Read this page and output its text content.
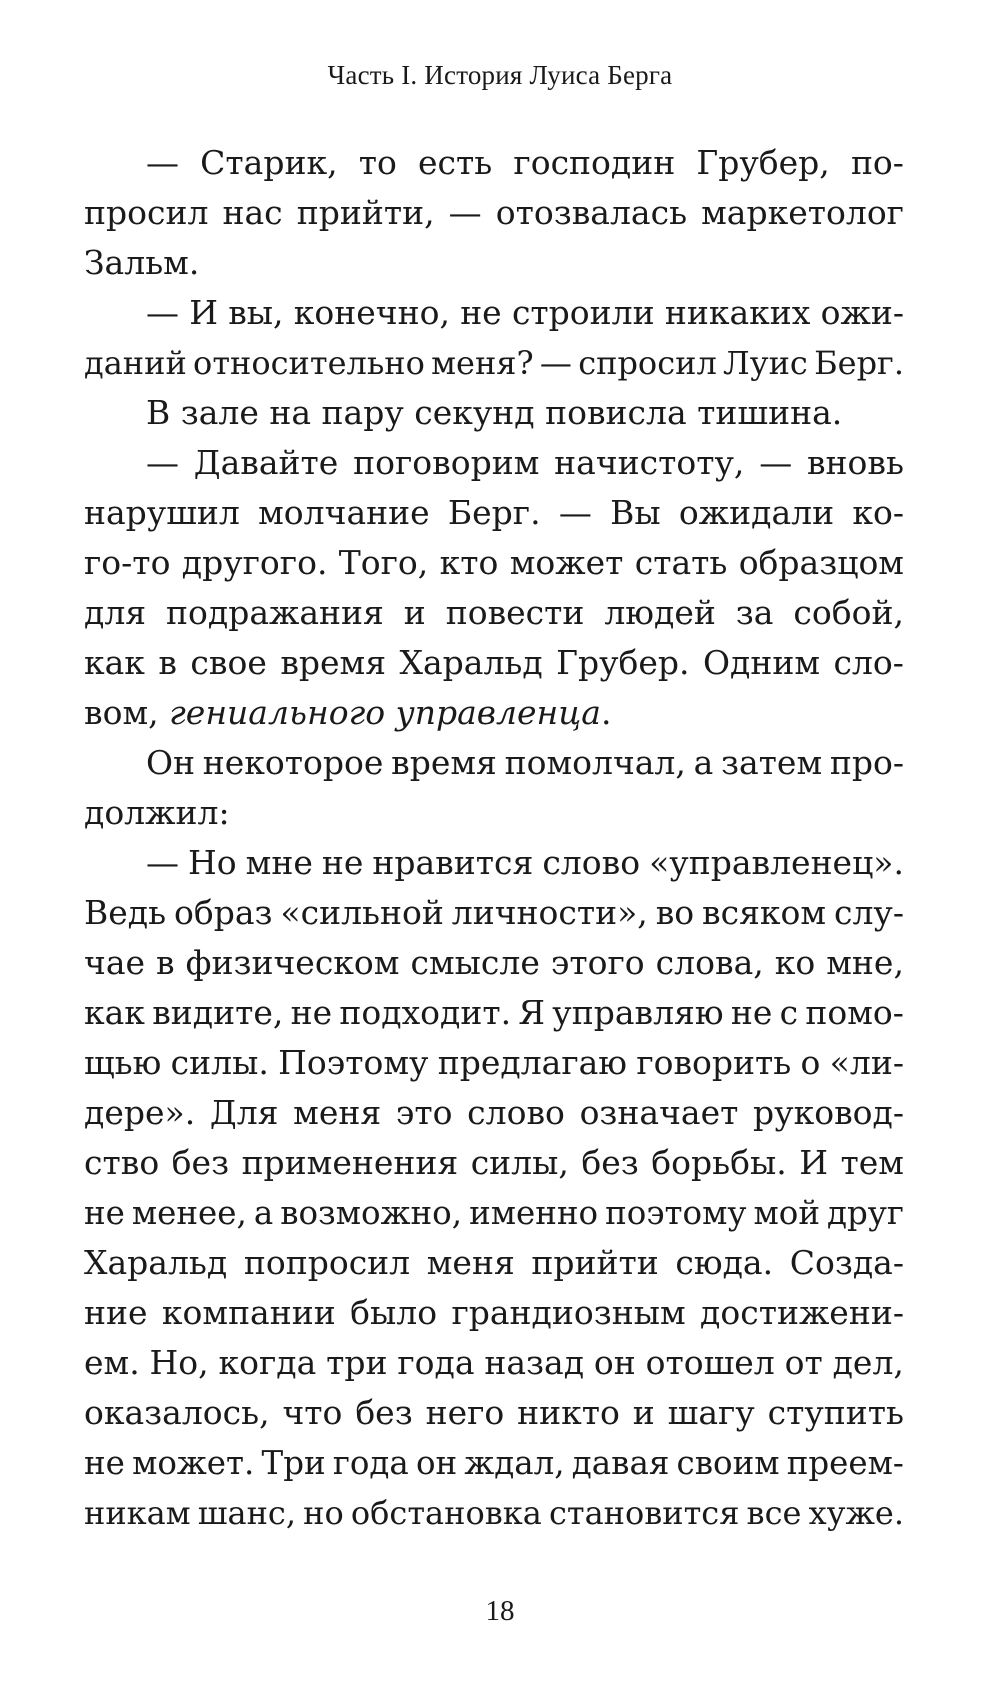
Часть I. История Луиса Берга
— Старик, то есть господин Грубер, по-
просил нас прийти, — отозвалась маркетолог
Зальм.
— И вы, конечно, не строили никаких ожи-
даний относительно меня? — спросил Луис Берг.
В зале на пару секунд повисла тишина.
— Давайте поговорим начистоту, — вновь
нарушил молчание Берг. — Вы ожидали ко-
го-то другого. Того, кто может стать образцом
для подражания и повести людей за собой,
как в свое время Харальд Грубер. Одним сло-
вом, гениального управленца .
Он некоторое время помолчал, а затем про-
должил:
— Но мне не нравится слово «управленец».
Ведь образ «сильной личности», во всяком слу-
чае в физическом смысле этого слова, ко мне,
как видите, не подходит. Я управляю не с помо-
щью силы. Поэтому предлагаю говорить о «ли-
дере». Для меня это слово означает руковод-
ство без применения силы, без борьбы. И тем
не менее, а возможно, именно поэтому мой друг
Харальд попросил меня прийти сюда. Созда-
ние компании было грандиозным достижени-
ем. Но, когда три года назад он отошел от дел,
оказалось, что без него никто и шагу ступить
не может. Три года он ждал, давая своим преем-
никам шанс, но обстановка становится все хуже.
18
